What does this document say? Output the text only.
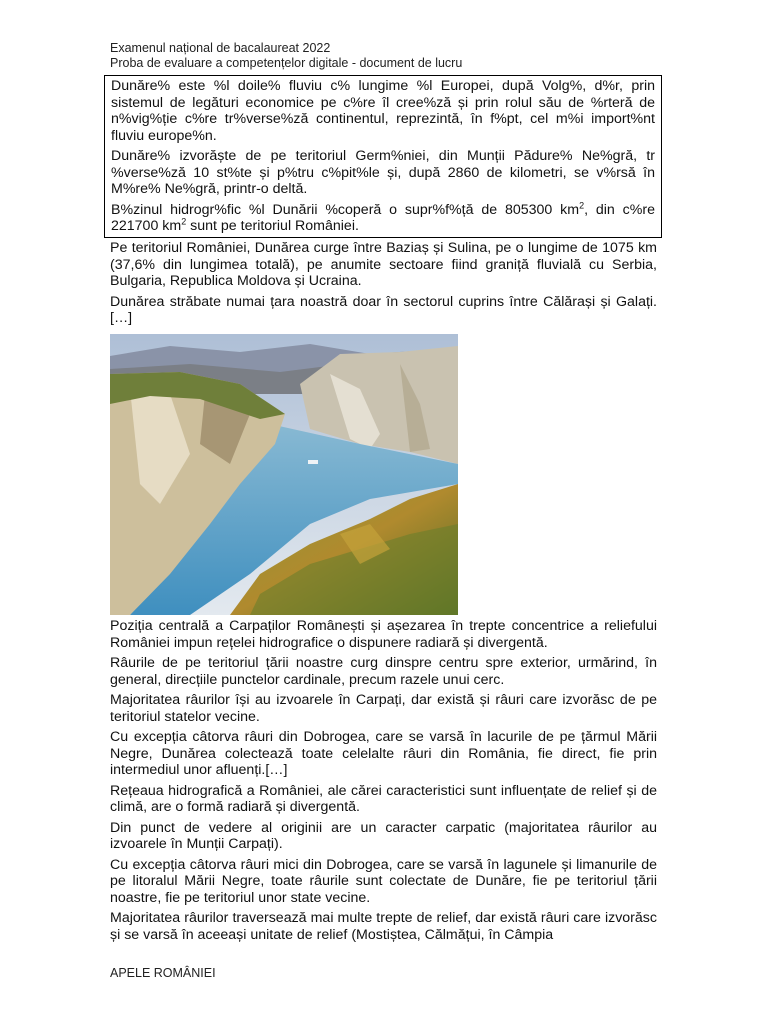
Examenul național de bacalaureat 2022
Proba de evaluare a competențelor digitale - document de lucru

Dunăre% este %l doile% fluviu c% lungime %l Europei, după Volg%, d%r, prin sistemul de legături economice pe c%re îl cree%ză și prin rolul său de %rteră de n%vig%ție c%re tr%verse%ză continentul, reprezintă, în f%pt, cel m%i import%nt fluviu europe%n.

Dunăre% izvorăște de pe teritoriul Germ%niei, din Munții Pădure% Ne%gră, tr %verse%ză 10 st%te și p%tru c%pit%le și, după 2860 de kilometri, se v%rsă în M%re% Ne%gră, printr-o deltă.

B%zinul hidrogr%fic %l Dunării %coperă o supr%f%ță de 805300 $km^2$, din c%re 221700 $km^2$ sunt pe teritoriul României.

Pe teritoriul României, Dunărea curge între Baziaș și Sulina, pe o lungime de 1075 km (37,6% din lungimea totală), pe anumite sectoare fiind graniță fluvială cu Serbia, Bulgaria, Republica Moldova și Ucraina.

Dunărea străbate numai țara noastră doar în sectorul cuprins între Călărași și Galați.[…]

Poziția centrală a Carpaților Românești și așezarea în trepte concentrice a reliefului României impun rețelei hidrografice o dispunere radiară și divergentă.

Râurile de pe teritoriul țării noastre curg dinspre centru spre exterior, urmărind, în general, direcțiile punctelor cardinale, precum razele unui cerc.

Majoritatea râurilor își au izvoarele în Carpați, dar există și râuri care izvorăsc de pe teritoriul statelor vecine.

Cu excepția câtorva râuri din Dobrogea, care se varsă în lacurile de pe țărmul Mării Negre, Dunărea colectează toate celelalte râuri din România, fie direct, fie prin intermediul unor afluenți.[…]

Rețeaua hidrografică a României, ale cărei caracteristici sunt influențate de relief și de climă, are o formă radiară și divergentă.

Din punct de vedere al originii are un caracter carpatic (majoritatea râurilor au izvoarele în Munții Carpați).

Cu excepția câtorva râuri mici din Dobrogea, care se varsă în lagunele și limanurile de pe litoralul Mării Negre, toate râurile sunt colectate de Dunăre, fie pe teritoriul țării noastre, fie pe teritoriul unor state vecine.

Majoritatea râurilor traversează mai multe trepte de relief, dar există râuri care izvorăsc și se varsă în aceeași unitate de relief (Mostiștea, Călmățui, în Câmpia

APELE ROMÂNIEI
